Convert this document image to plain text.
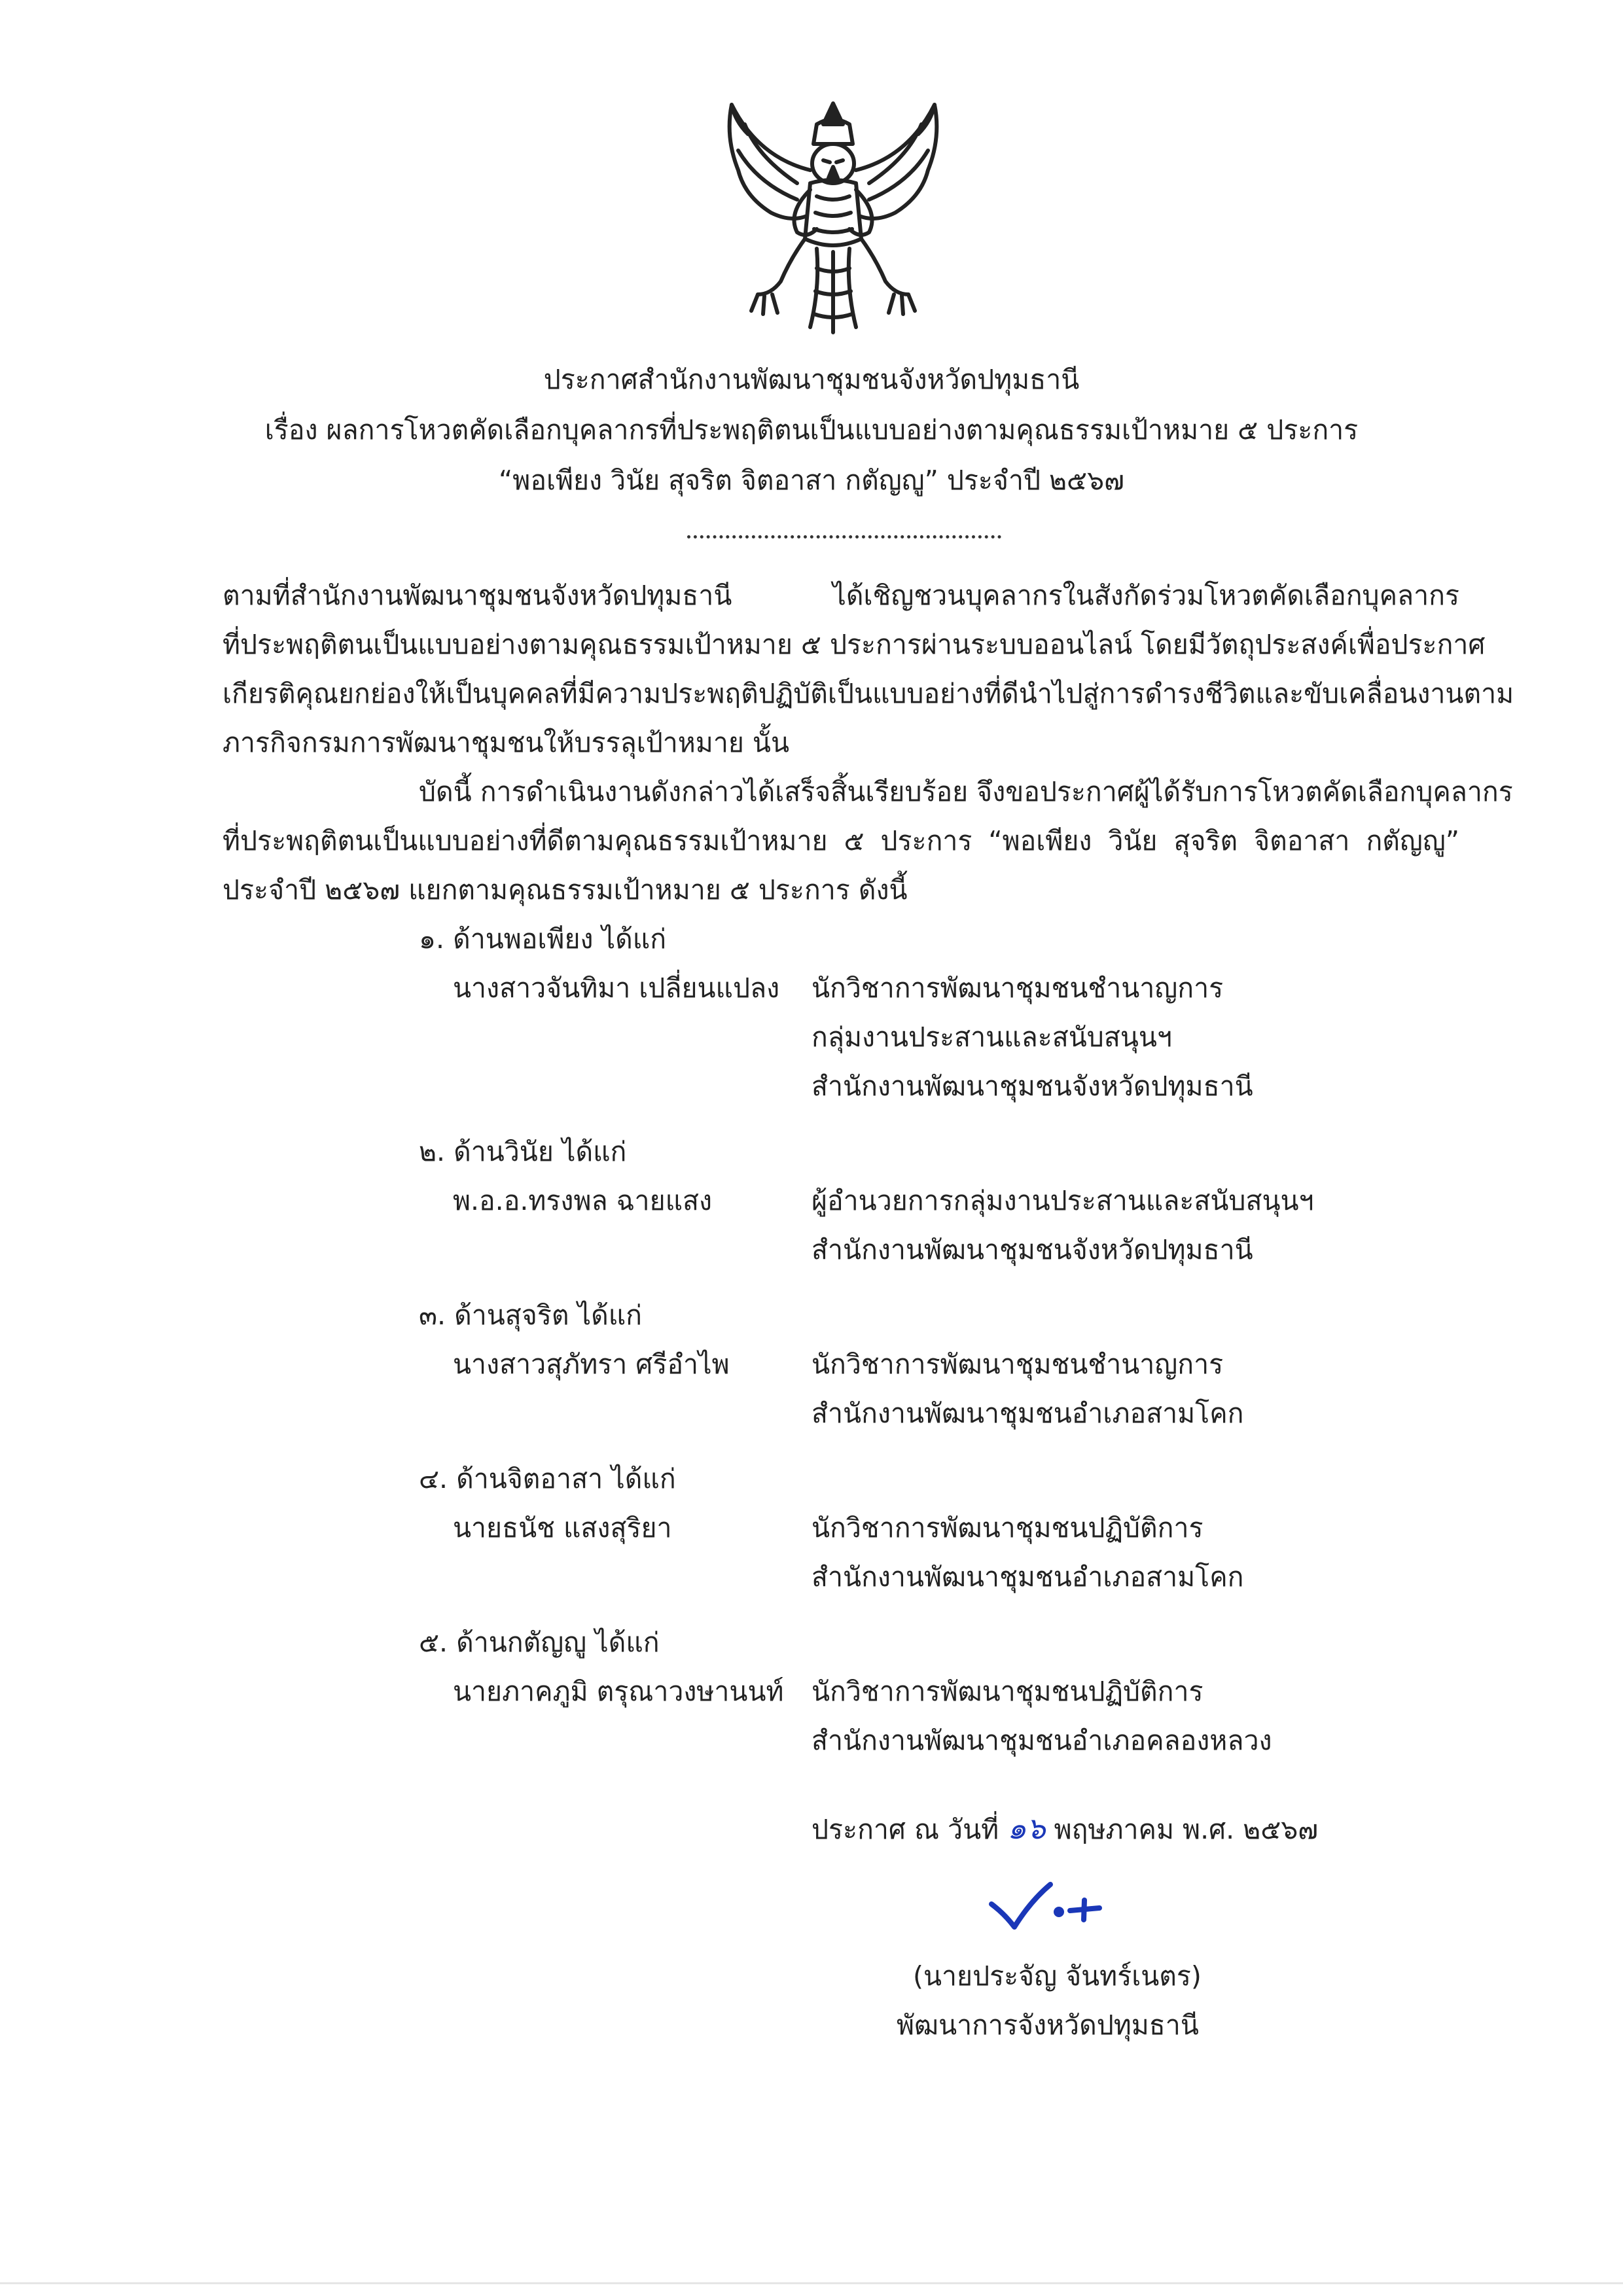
ประกาศสำนักงานพัฒนาชุมชนจังหวัดปทุมธานี
เรื่อง ผลการโหวตคัดเลือกบุคลากรที่ประพฤติตนเป็นแบบอย่างตามคุณธรรมเป้าหมาย ๕ ประการ
“พอเพียง วินัย สุจริต จิตอาสา กตัญญู” ประจำปี ๒๕๖๗
ตามที่สำนักงานพัฒนาชุมชนจังหวัดปทุมธานี ได้เชิญชวนบุคลากรในสังกัดร่วมโหวตคัดเลือกบุคลากร
ที่ประพฤติตนเป็นแบบอย่างตามคุณธรรมเป้าหมาย ๕ ประการผ่านระบบออนไลน์ โดยมีวัตถุประสงค์เพื่อประกาศ
เกียรติคุณยกย่องให้เป็นบุคคลที่มีความประพฤติปฏิบัติเป็นแบบอย่างที่ดีนำไปสู่การดำรงชีวิตและขับเคลื่อนงานตาม
ภารกิจกรมการพัฒนาชุมชนให้บรรลุเป้าหมาย นั้น
บัดนี้ การดำเนินงานดังกล่าวได้เสร็จสิ้นเรียบร้อย จึงขอประกาศผู้ได้รับการโหวตคัดเลือกบุคลากร
ที่ประพฤติตนเป็นแบบอย่างที่ดีตามคุณธรรมเป้าหมาย ๕ ประการ “พอเพียง วินัย สุจริต จิตอาสา กตัญญู”
ประจำปี ๒๕๖๗ แยกตามคุณธรรมเป้าหมาย ๕ ประการ ดังนี้
๑. ด้านพอเพียง ได้แก่
นางสาวจันทิมา เปลี่ยนแปลง นักวิชาการพัฒนาชุมชนชำนาญการ
กลุ่มงานประสานและสนับสนุนฯ
สำนักงานพัฒนาชุมชนจังหวัดปทุมธานี
๒. ด้านวินัย ได้แก่
พ.อ.อ.ทรงพล ฉายแสง	ผู้อำนวยการกลุ่มงานประสานและสนับสนุนฯ
สำนักงานพัฒนาชุมชนจังหวัดปทุมธานี
๓. ด้านสุจริต ได้แก่
นางสาวสุภัทรา ศรีอำไพ	นักวิชาการพัฒนาชุมชนชำนาญการ
สำนักงานพัฒนาชุมชนอำเภอสามโคก
๔. ด้านจิตอาสา ได้แก่
นายธนัช แสงสุริยา	นักวิชาการพัฒนาชุมชนปฏิบัติการ
สำนักงานพัฒนาชุมชนอำเภอสามโคก
๕. ด้านกตัญญู ได้แก่
นายภาคภูมิ ตรุณาวงษานนท์ นักวิชาการพัฒนาชุมชนปฏิบัติการ
สำนักงานพัฒนาชุมชนอำเภอคลองหลวง
ประกาศ ณ วันที่ ๑๖ พฤษภาคม พ.ศ. ๒๕๖๗
(นายประจัญ จันทร์เนตร)
พัฒนาการจังหวัดปทุมธานี
